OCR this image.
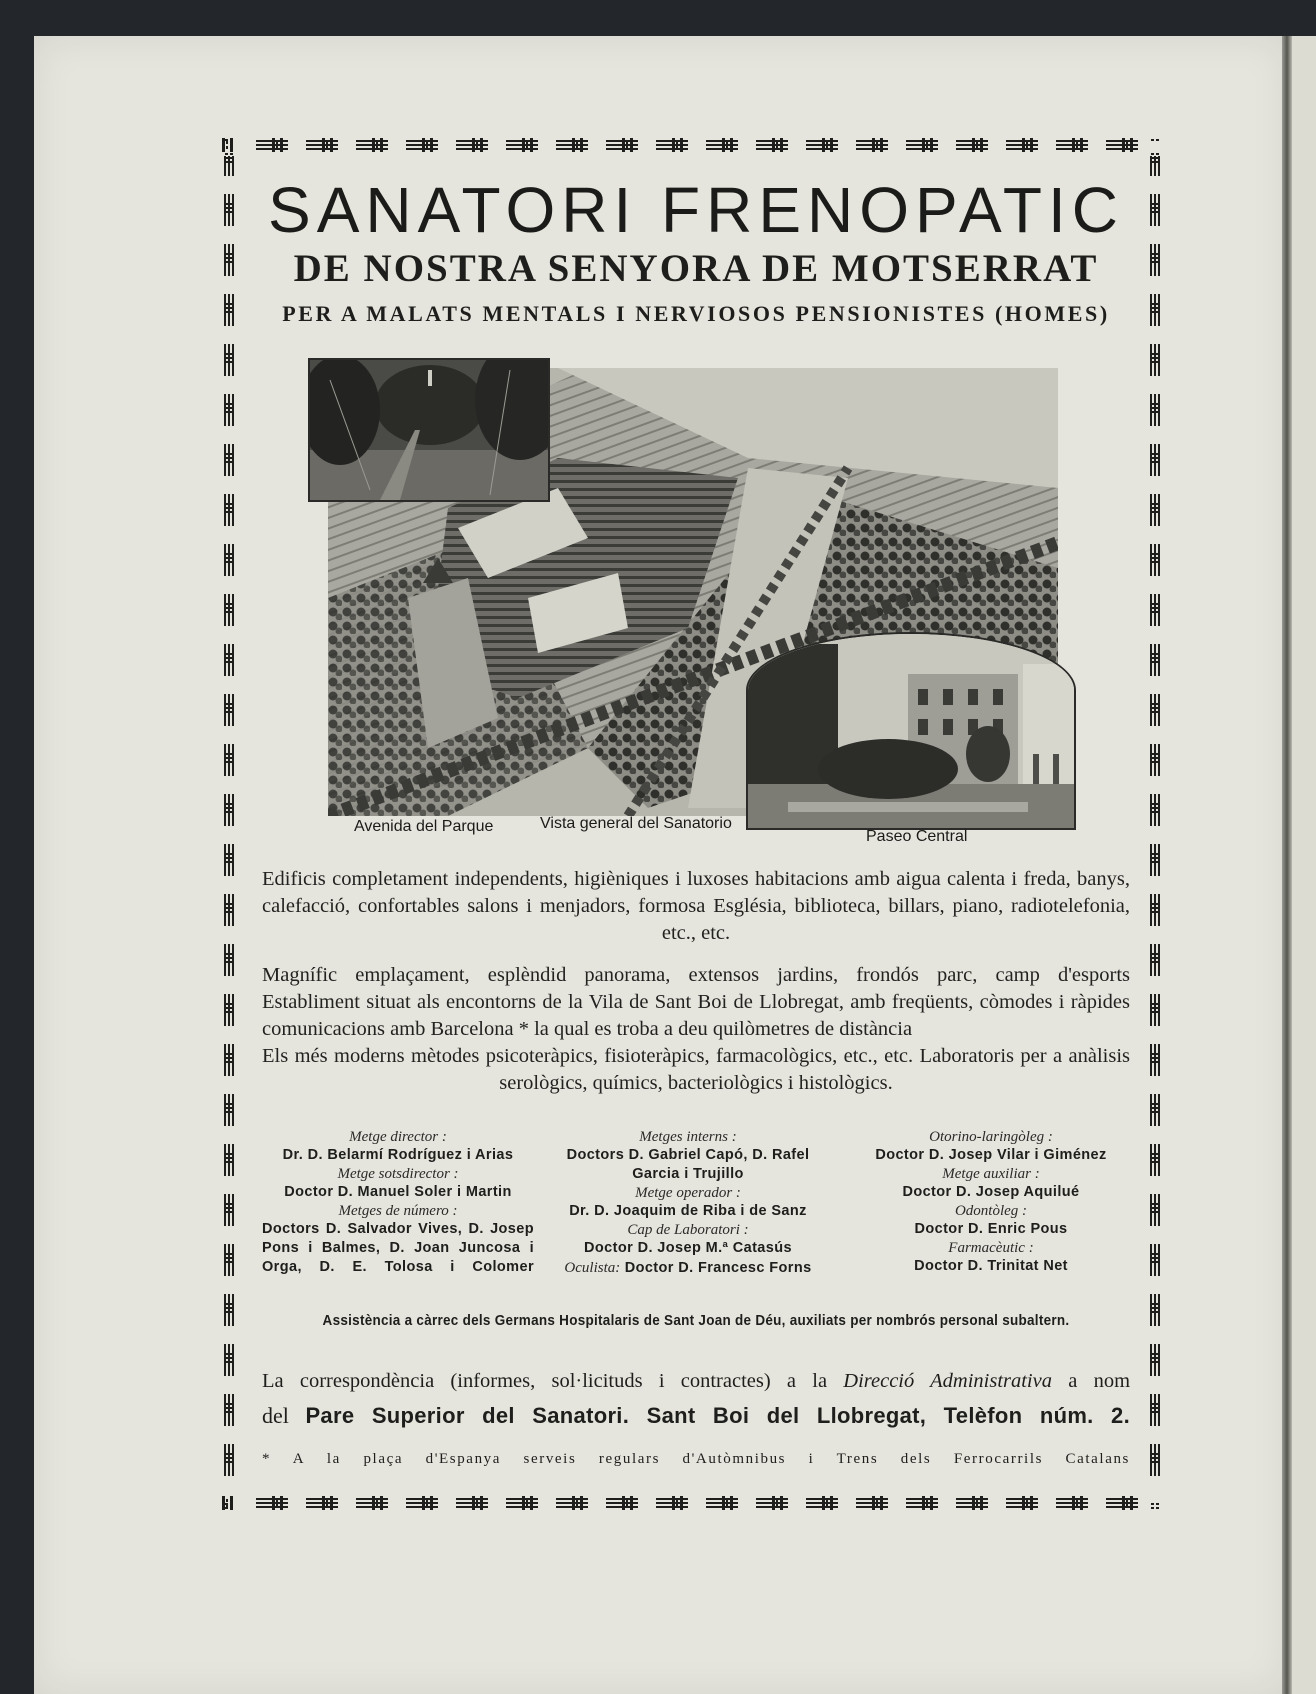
SANATORI FRENOPATIC
DE NOSTRA SENYORA DE MOTSERRAT
PER A MALATS MENTALS I NERVIOSOS PENSIONISTES (HOMES)
Avenida del Parque	Vista general del Sanatorio
Paseo Central

Edificis completament independents, higièniques i luxoses habitacions amb aigua calenta i freda, banys, calefacció, confortables salons i menjadors, formosa Església, biblioteca, billars, piano, radiotelefonia, etc., etc.

Magnífic emplaçament, esplèndid panorama, extensos jardins, frondós parc, camp d'esports

Establiment situat als encontorns de la Vila de Sant Boi de Llobregat, amb freqüents, còmodes i ràpides comunicacions amb Barcelona * la qual es troba a deu quilòmetres de distància

Els més moderns mètodes psicoteràpics, fisioteràpics, farmacològics, etc., etc. Laboratoris per a anàlisis serològics, químics, bacteriològics i histològics.

Metge director :
Dr. D. Belarmí Rodríguez i Arias
Metge sotsdirector :
Doctor D. Manuel Soler i Martin
Metges de número :
Doctors D. Salvador Vives, D. Josep Pons i Balmes, D. Joan Juncosa i Orga, D. E. Tolosa i Colomer
Metges interns :
Doctors D. Gabriel Capó, D. Rafel Garcia i Trujillo
Metge operador :
Dr. D. Joaquim de Riba i de Sanz
Cap de Laboratori :
Doctor D. Josep M.ª Catasús
Oculista: Doctor D. Francesc Forns
Otorino-laringòleg :
Doctor D. Josep Vilar i Giménez
Metge auxiliar :
Doctor D. Josep Aquilué
Odontòleg :
Doctor D. Enric Pous
Farmacèutic :
Doctor D. Trinitat Net
Assistència a càrrec dels Germans Hospitalaris de Sant Joan de Déu, auxiliats per nombrós personal subaltern.
La correspondència (informes, sol·licituds i contractes) a la Direcció Administrativa a nom
del Pare Superior del Sanatori. Sant Boi del Llobregat, Telèfon núm. 2.
* A la plaça d'Espanya serveis regulars d'Autòmnibus i Trens dels Ferrocarrils Catalans
